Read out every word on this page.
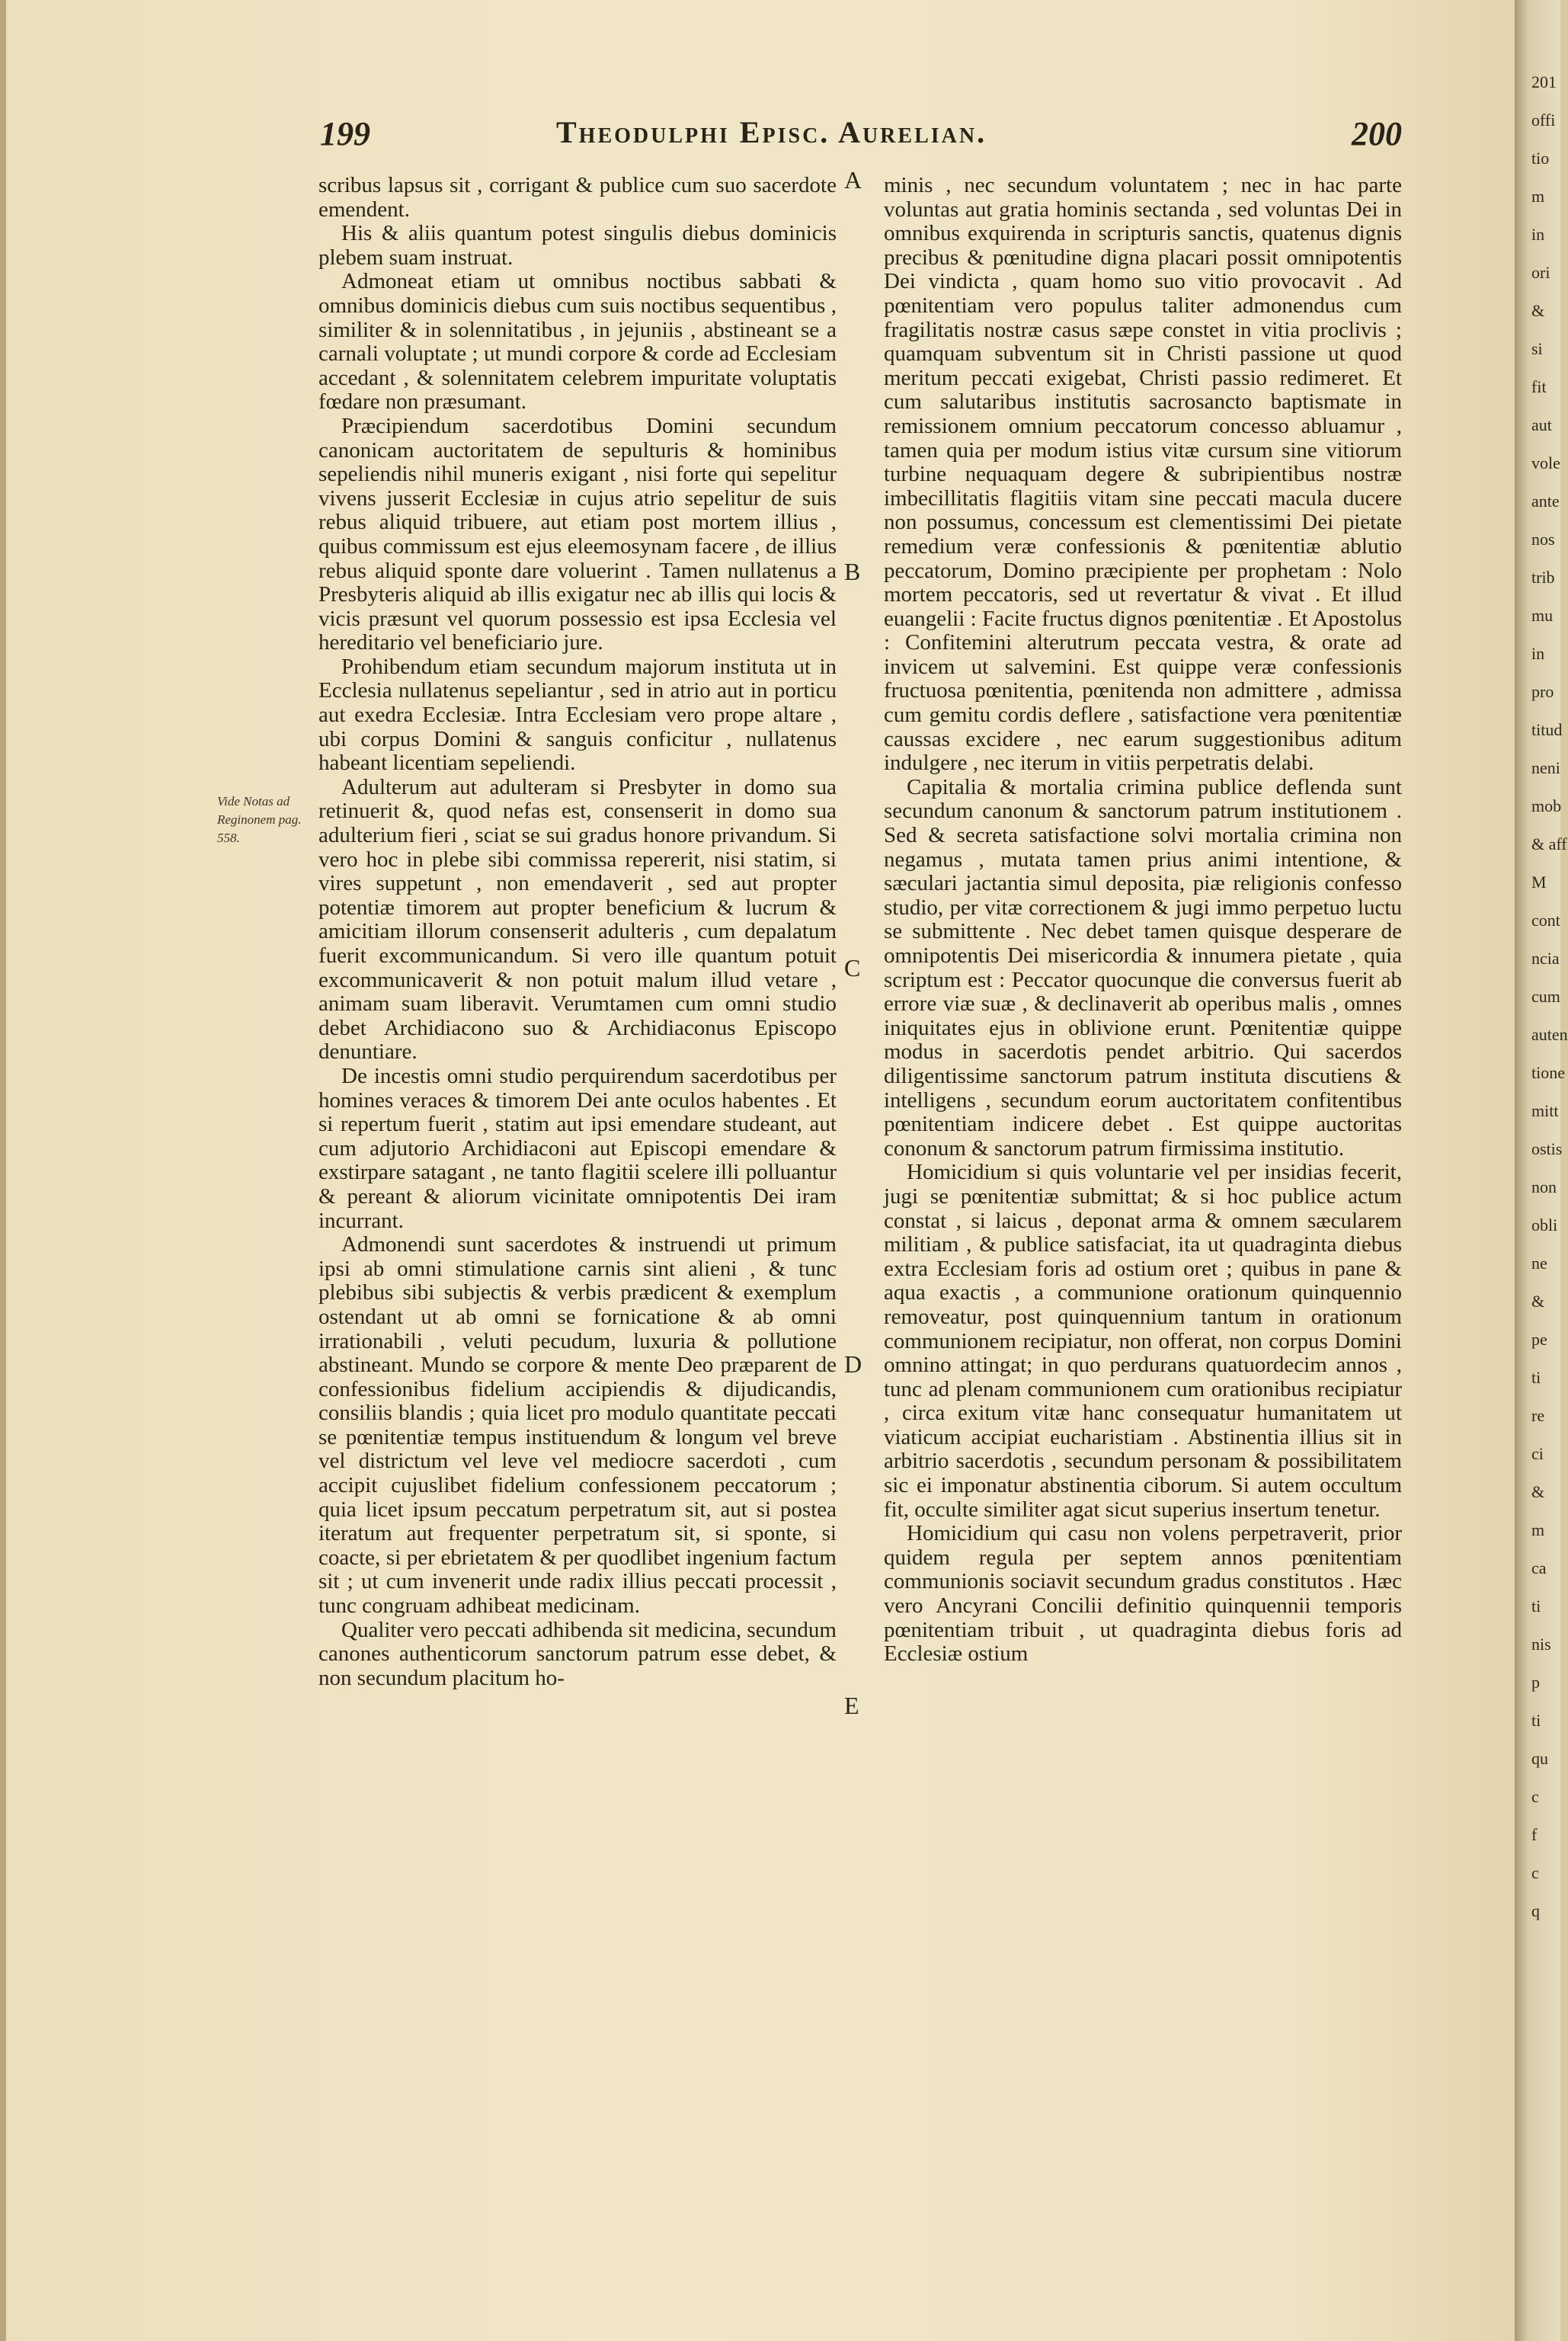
199	Theodulphi Episc. Aurelian.	200
Vide Notas ad Reginonem pag. 558.
A
B
C
D
E

scribus lapsus sit , corrigant & publice cum suo sacerdote emendent.

His & aliis quantum potest singulis diebus dominicis plebem suam instruat.

Admoneat etiam ut omnibus noctibus sabbati & omnibus dominicis diebus cum suis noctibus sequentibus , similiter & in solennitatibus , in jejuniis , abstineant se a carnali voluptate ; ut mundi corpore & corde ad Ecclesiam accedant , & solennitatem celebrem impuritate voluptatis fœdare non præsumant.

Præcipiendum sacerdotibus Domini secundum canonicam auctoritatem de sepulturis & hominibus sepeliendis nihil muneris exigant , nisi forte qui sepelitur vivens jusserit Ecclesiæ in cujus atrio sepelitur de suis rebus aliquid tribuere, aut etiam post mortem illius , quibus commissum est ejus eleemosynam facere , de illius rebus aliquid sponte dare voluerint . Tamen nullatenus a Presbyteris aliquid ab illis exigatur nec ab illis qui locis & vicis præsunt vel quorum possessio est ipsa Ecclesia vel hereditario vel beneficiario jure.

Prohibendum etiam secundum majorum instituta ut in Ecclesia nullatenus sepeliantur , sed in atrio aut in porticu aut exedra Ecclesiæ. Intra Ecclesiam vero prope altare , ubi corpus Domini & sanguis conficitur , nullatenus habeant licentiam sepeliendi.

Adulterum aut adulteram si Presbyter in domo sua retinuerit &, quod nefas est, consenserit in domo sua adulterium fieri , sciat se sui gradus honore privandum. Si vero hoc in plebe sibi commissa repererit, nisi statim, si vires suppetunt , non emendaverit , sed aut propter potentiæ timorem aut propter beneficium & lucrum & amicitiam illorum consenserit adulteris , cum depalatum fuerit excommunicandum. Si vero ille quantum potuit excommunicaverit & non potuit malum illud vetare , animam suam liberavit. Verumtamen cum omni studio debet Archidiacono suo & Archidiaconus Episcopo denuntiare.

De incestis omni studio perquirendum sacerdotibus per homines veraces & timorem Dei ante oculos habentes . Et si repertum fuerit , statim aut ipsi emendare studeant, aut cum adjutorio Archidiaconi aut Episcopi emendare & exstirpare satagant , ne tanto flagitii scelere illi polluantur & pereant & aliorum vicinitate omnipotentis Dei iram incurrant.

Admonendi sunt sacerdotes & instruendi ut primum ipsi ab omni stimulatione carnis sint alieni , & tunc plebibus sibi subjectis & verbis prædicent & exemplum ostendant ut ab omni se fornicatione & ab omni irrationabili , veluti pecudum, luxuria & pollutione abstineant. Mundo se corpore & mente Deo præparent de confessionibus fidelium accipiendis & dijudicandis, consiliis blandis ; quia licet pro modulo quantitate peccati se pœnitentiæ tempus instituendum & longum vel breve vel districtum vel leve vel mediocre sacerdoti , cum accipit cujuslibet fidelium confessionem peccatorum ; quia licet ipsum peccatum perpetratum sit, aut si postea iteratum aut frequenter perpetratum sit, si sponte, si coacte, si per ebrietatem & per quodlibet ingenium factum sit ; ut cum invenerit unde radix illius peccati processit , tunc congruam adhibeat medicinam.

Qualiter vero peccati adhibenda sit medicina, secundum canones authenticorum sanctorum patrum esse debet, & non secundum placitum ho-

minis , nec secundum voluntatem ; nec in hac parte voluntas aut gratia hominis sectanda , sed voluntas Dei in omnibus exquirenda in scripturis sanctis, quatenus dignis precibus & pœnitudine digna placari possit omnipotentis Dei vindicta , quam homo suo vitio provocavit . Ad pœnitentiam vero populus taliter admonendus cum fragilitatis nostræ casus sæpe constet in vitia proclivis ; quamquam subventum sit in Christi passione ut quod meritum peccati exigebat, Christi passio redimeret. Et cum salutaribus institutis sacrosancto baptismate in remissionem omnium peccatorum concesso abluamur , tamen quia per modum istius vitæ cursum sine vitiorum turbine nequaquam degere & subripientibus nostræ imbecillitatis flagitiis vitam sine peccati macula ducere non possumus, concessum est clementissimi Dei pietate remedium veræ confessionis & pœnitentiæ ablutio peccatorum, Domino præcipiente per prophetam : Nolo mortem peccatoris, sed ut revertatur & vivat . Et illud euangelii : Facite fructus dignos pœnitentiæ . Et Apostolus : Confitemini alterutrum peccata vestra, & orate ad invicem ut salvemini. Est quippe veræ confessionis fructuosa pœnitentia, pœnitenda non admittere , admissa cum gemitu cordis deflere , satisfactione vera pœnitentiæ caussas excidere , nec earum suggestionibus aditum indulgere , nec iterum in vitiis perpetratis delabi.

Capitalia & mortalia crimina publice deflenda sunt secundum canonum & sanctorum patrum institutionem . Sed & secreta satisfactione solvi mortalia crimina non negamus , mutata tamen prius animi intentione, & sæculari jactantia simul deposita, piæ religionis confesso studio, per vitæ correctionem & jugi immo perpetuo luctu se submittente . Nec debet tamen quisque desperare de omnipotentis Dei misericordia & innumera pietate , quia scriptum est : Peccator quocunque die conversus fuerit ab errore viæ suæ , & declinaverit ab operibus malis , omnes iniquitates ejus in oblivione erunt. Pœnitentiæ quippe modus in sacerdotis pendet arbitrio. Qui sacerdos diligentissime sanctorum patrum instituta discutiens & intelligens , secundum eorum auctoritatem confitentibus pœnitentiam indicere debet . Est quippe auctoritas cononum & sanctorum patrum firmissima institutio.

Homicidium si quis voluntarie vel per insidias fecerit, jugi se pœnitentiæ submittat; & si hoc publice actum constat , si laicus , deponat arma & omnem sæcularem militiam , & publice satisfaciat, ita ut quadraginta diebus extra Ecclesiam foris ad ostium oret ; quibus in pane & aqua exactis , a communione orationum quinquennio removeatur, post quinquennium tantum in orationum communionem recipiatur, non offerat, non corpus Domini omnino attingat; in quo perdurans quatuordecim annos , tunc ad plenam communionem cum orationibus recipiatur , circa exitum vitæ hanc consequatur humanitatem ut viaticum accipiat eucharistiam . Abstinentia illius sit in arbitrio sacerdotis , secundum personam & possibilitatem sic ei imponatur abstinentia ciborum. Si autem occultum fit, occulte similiter agat sicut superius insertum tenetur.

Homicidium qui casu non volens perpetraverit, prior quidem regula per septem annos pœnitentiam communionis sociavit secundum gradus constitutos . Hæc vero Ancyrani Concilii definitio quinquennii temporis pœnitentiam tribuit , ut quadraginta diebus foris ad Ecclesiæ ostium

201
offi
tio
m
in
ori
&
si
fit
aut
vole
ante
nos
trib
mu
in
pro
titud
neni
mob
& aff
M
cont
ncia
cum
auten
tione
mitt
ostis
non
obli
ne
&
pe
ti
re
ci
&
m
ca
ti
nis
p
ti
qu
c
f
c
q
